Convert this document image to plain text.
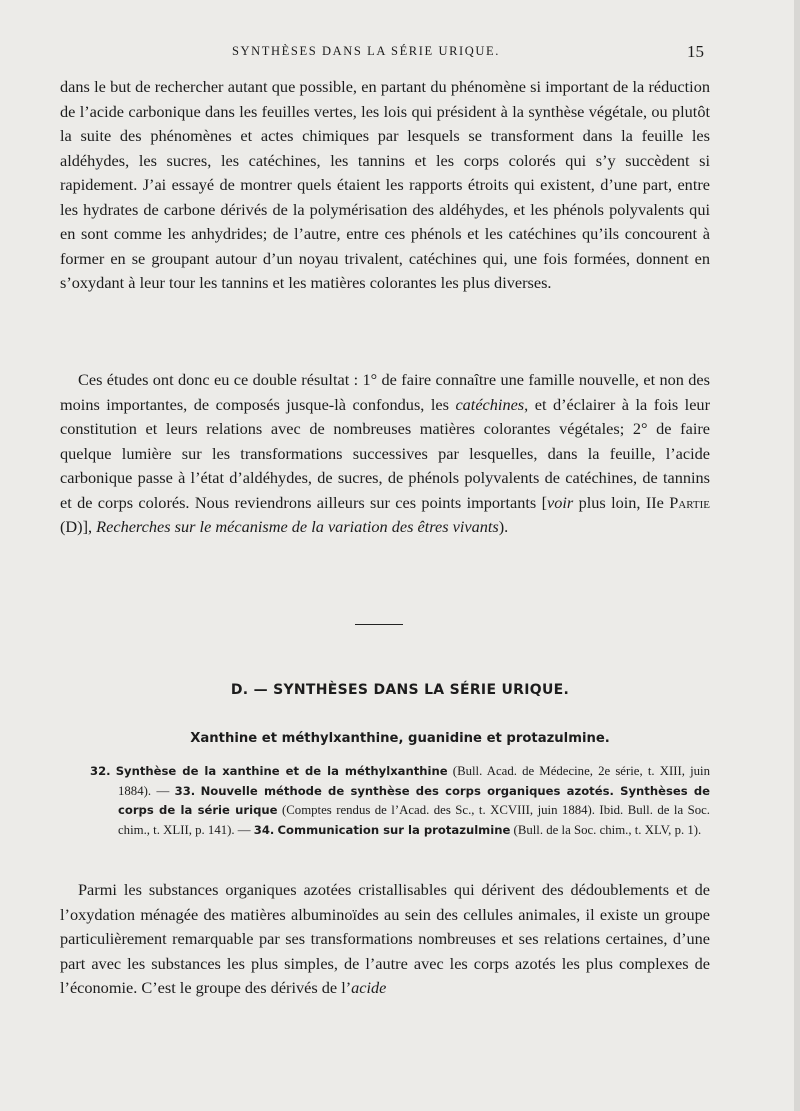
SYNTHÈSES DANS LA SÉRIE URIQUE.	15

dans le but de rechercher autant que possible, en partant du phénomène si important de la réduction de l’acide carbonique dans les feuilles vertes, les lois qui président à la synthèse végétale, ou plutôt la suite des phénomènes et actes chimiques par lesquels se transforment dans la feuille les aldéhydes, les sucres, les catéchines, les tannins et les corps colorés qui s’y succèdent si rapidement. J’ai essayé de montrer quels étaient les rapports étroits qui existent, d’une part, entre les hydrates de carbone dérivés de la polymérisation des aldéhydes, et les phénols polyvalents qui en sont comme les anhydrides; de l’autre, entre ces phénols et les catéchines qu’ils concourent à former en se groupant autour d’un noyau trivalent, catéchines qui, une fois formées, donnent en s’oxydant à leur tour les tannins et les matières colorantes les plus diverses.

Ces études ont donc eu ce double résultat : 1° de faire connaître une famille nouvelle, et non des moins importantes, de composés jusque-là confondus, les catéchines, et d’éclairer à la fois leur constitution et leurs relations avec de nombreuses matières colorantes végétales; 2° de faire quelque lumière sur les transformations successives par lesquelles, dans la feuille, l’acide carbonique passe à l’état d’aldéhydes, de sucres, de phénols polyvalents de catéchines, de tannins et de corps colorés. Nous reviendrons ailleurs sur ces points importants [voir plus loin, IIe Partie (D)], Recherches sur le mécanisme de la variation des êtres vivants).

D. — SYNTHÈSES DANS LA SÉRIE URIQUE.
Xanthine et méthylxanthine, guanidine et protazulmine.

32. Synthèse de la xanthine et de la méthylxanthine (Bull. Acad. de Médecine, 2e série, t. XIII, juin 1884). — 33. Nouvelle méthode de synthèse des corps organiques azotés. Synthèses de corps de la série urique (Comptes rendus de l’Acad. des Sc., t. XCVIII, juin 1884). Ibid. Bull. de la Soc. chim., t. XLII, p. 141). — 34. Communication sur la protazulmine (Bull. de la Soc. chim., t. XLV, p. 1).

Parmi les substances organiques azotées cristallisables qui dérivent des dédoublements et de l’oxydation ménagée des matières albuminoïdes au sein des cellules animales, il existe un groupe particulièrement remarquable par ses transformations nombreuses et ses relations certaines, d’une part avec les substances les plus simples, de l’autre avec les corps azotés les plus complexes de l’économie. C’est le groupe des dérivés de l’acide
